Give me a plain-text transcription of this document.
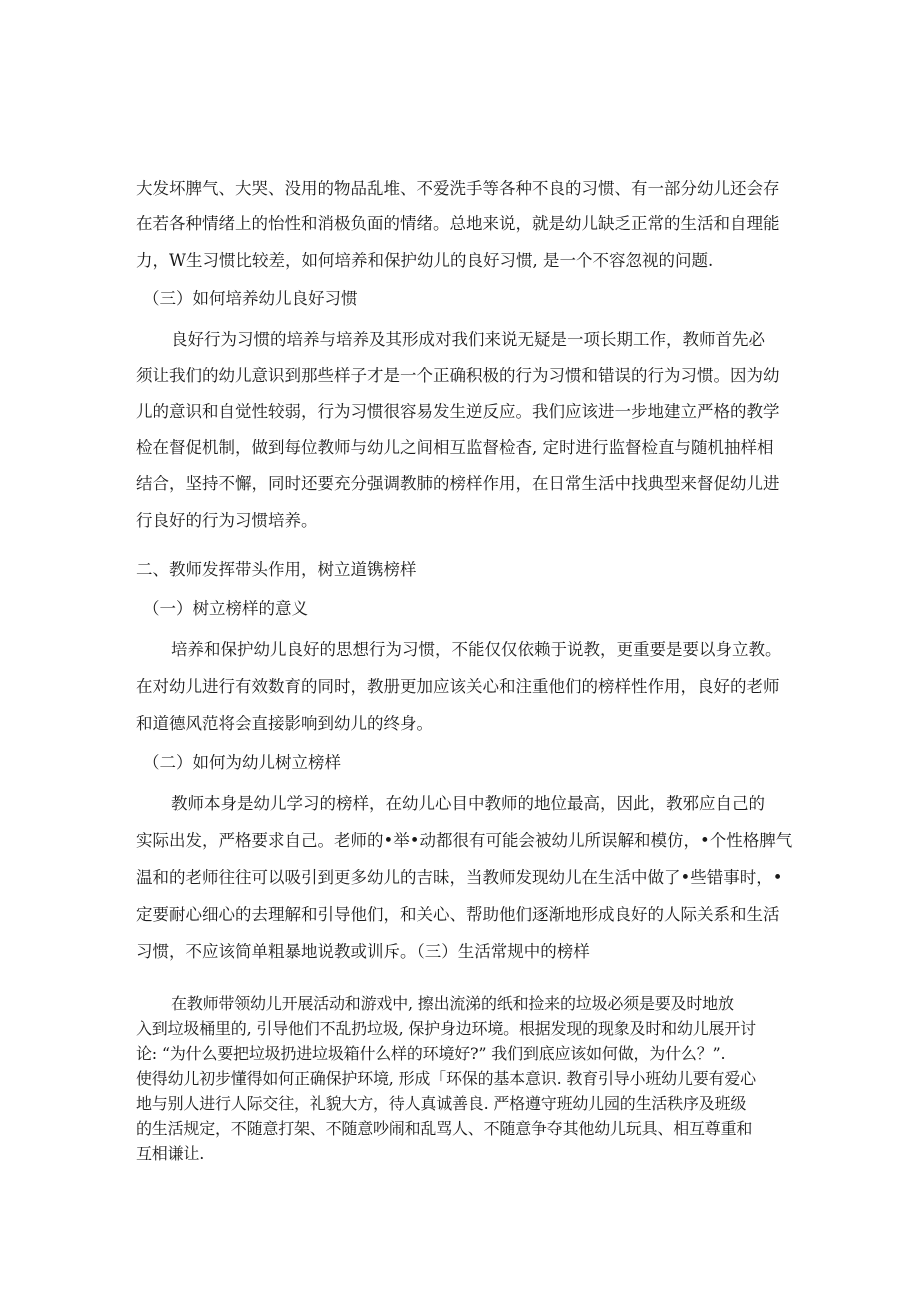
大发坏脾气、大哭、没用的物品乱堆、不爱洗手等各种不良的习惯、有一部分幼儿还会存
在若各种情绪上的怡性和消极负面的情绪。总地来说，就是幼儿缺乏正常的生活和自理能
力，W生习惯比较差，如何培养和保护幼儿的良好习惯, 是一个不容忽视的问题.
（三）如何培养幼儿良好习惯
良好行为习惯的培养与培养及其形成对我们来说无疑是一项长期工作，教师首先必
须让我们的幼儿意识到那些样子才是一个正确积极的行为习惯和错误的行为习惯。因为幼
儿的意识和自觉性较弱，行为习惯很容易发生逆反应。我们应该进一步地建立严格的教学
检在督促机制，做到每位教师与幼儿之间相互监督检杳, 定时进行监督检直与随机抽样相
结合，坚持不懈，同时还要充分强调教肺的榜样作用，在日常生活中找典型来督促幼儿进
行良好的行为习惯培养。
二、教师发挥带头作用，树立道镌榜样
（一）树立榜样的意义
培养和保护幼儿良好的思想行为习惯，不能仅仅依赖于说教，更重要是要以身立教。
在对幼儿进行有效数育的同时，教册更加应该关心和注重他们的榜样性作用，良好的老师
和道德风范将会直接影响到幼儿的终身。
（二）如何为幼儿树立榜样
教师本身是幼儿学习的榜样，在幼儿心目中教师的地位最高，因此，教邪应自己的
实际出发，严格要求自己。老师的•举•动都很有可能会被幼儿所误解和模仿，•个性格脾气
温和的老师往往可以吸引到更多幼儿的吉昧，当教师发现幼儿在生活中做了•些错事时，•
定要耐心细心的去理解和引导他们，和关心、帮助他们逐渐地形成良好的人际关系和生活
习惯，不应该简单粗暴地说教或训斥。（三）生活常规中的榜样
在教师带领幼儿开展活动和游戏中, 擦出流涕的纸和捡来的垃圾必须是要及时地放
入到垃圾桶里的, 引导他们不乱扔垃圾, 保护身边环境。根据发现的现象及时和幼儿展开讨
论: “为什么要把垃圾扔进垃圾箱什么样的环境好?” 我们到底应该如何做，为什么？”.
使得幼儿初步懂得如何正确保护环境, 形成「环保的基本意识. 教育引导小班幼儿要有爱心
地与别人进行人际交往，礼貌大方，待人真诚善良. 严格遵守班幼儿园的生活秩序及班级
的生活规定，不随意打架、不随意吵闹和乱骂人、不随意争夺其他幼儿玩具、相互尊重和
互相谦让.
